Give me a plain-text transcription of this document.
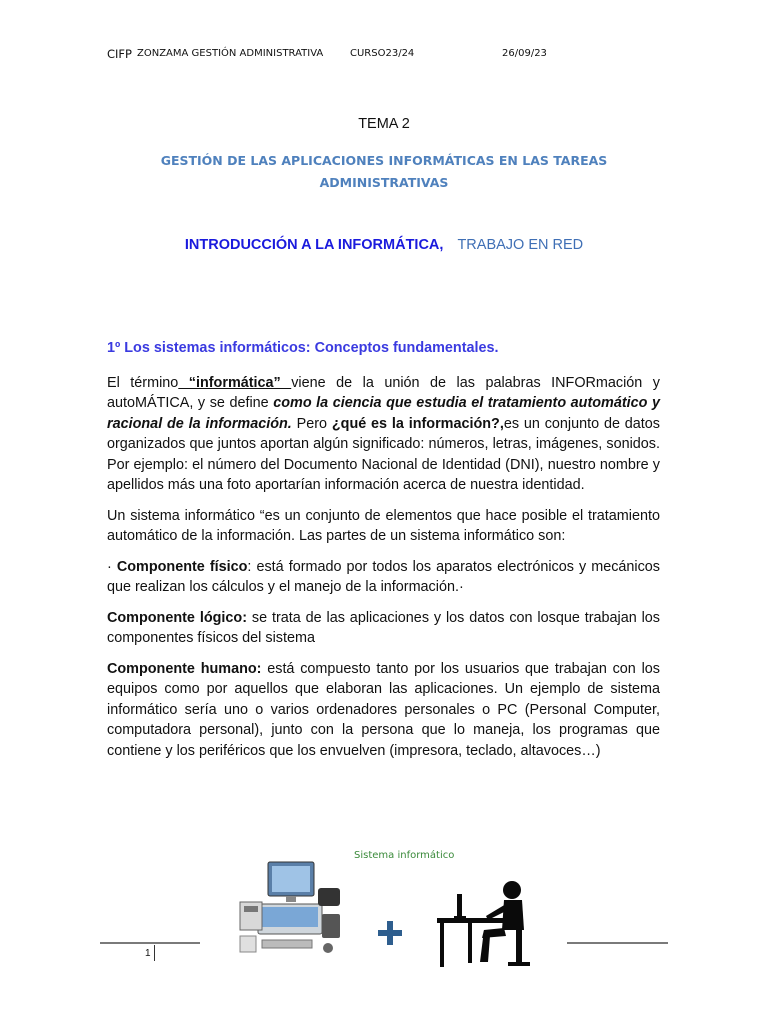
CIFP ZONZAMA GESTIÓN ADMINISTRATIVA	CURSO23/24	26/09/23
TEMA 2
GESTIÓN DE LAS APLICACIONES INFORMÁTICAS EN LAS TAREAS
ADMINISTRATIVAS
INTRODUCCIÓN A LA INFORMÁTICA, TRABAJO EN RED

1º Los sistemas informáticos: Conceptos fundamentales.

El término “informática” viene de la unión de las palabras INFORmación y autoMÁTICA, y se define como la ciencia que estudia el tratamiento automático y racional de la información. Pero ¿qué es la información?,es un conjunto de datos organizados que juntos aportan algún significado: números, letras, imágenes, sonidos. Por ejemplo: el número del Documento Nacional de Identidad (DNI), nuestro nombre y apellidos más una foto aportarían información acerca de nuestra identidad.

Un sistema informático “es un conjunto de elementos que hace posible el tratamiento automático de la información. Las partes de un sistema informático son:

· Componente físico: está formado por todos los aparatos electrónicos y mecánicos que realizan los cálculos y el manejo de la información.·

Componente lógico: se trata de las aplicaciones y los datos con losque trabajan los componentes físicos del sistema

Componente humano: está compuesto tanto por los usuarios que trabajan con los equipos como por aquellos que elaboran las aplicaciones. Un ejemplo de sistema informático sería uno o varios ordenadores personales o PC (Personal Computer, computadora personal), junto con la persona que lo maneja, los programas que contiene y los periféricos que los envuelven (impresora, teclado, altavoces…)

Sistema informático
1
